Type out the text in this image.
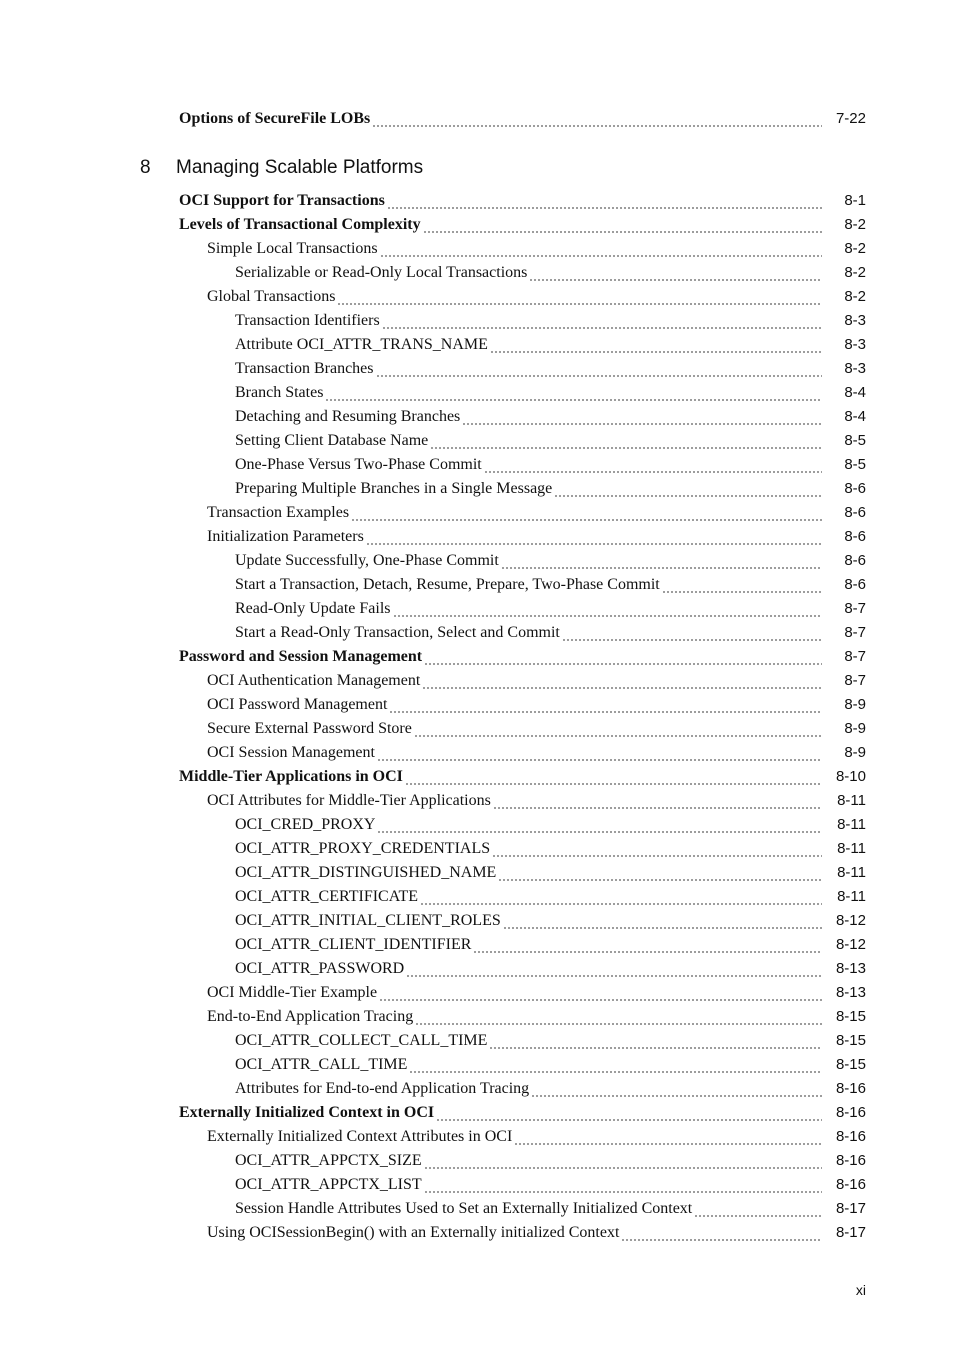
Options of SecureFile LOBs	7-22
8	Managing Scalable Platforms
OCI Support for Transactions	8-1
Levels of Transactional Complexity	8-2
Simple Local Transactions	8-2
Serializable or Read-Only Local Transactions	8-2
Global Transactions	8-2
Transaction Identifiers	8-3
Attribute OCI_ATTR_TRANS_NAME	8-3
Transaction Branches	8-3
Branch States	8-4
Detaching and Resuming Branches	8-4
Setting Client Database Name	8-5
One-Phase Versus Two-Phase Commit	8-5
Preparing Multiple Branches in a Single Message	8-6
Transaction Examples	8-6
Initialization Parameters	8-6
Update Successfully, One-Phase Commit	8-6
Start a Transaction, Detach, Resume, Prepare, Two-Phase Commit	8-6
Read-Only Update Fails	8-7
Start a Read-Only Transaction, Select and Commit	8-7
Password and Session Management	8-7
OCI Authentication Management	8-7
OCI Password Management	8-9
Secure External Password Store	8-9
OCI Session Management	8-9
Middle-Tier Applications in OCI	8-10
OCI Attributes for Middle-Tier Applications	8-11
OCI_CRED_PROXY	8-11
OCI_ATTR_PROXY_CREDENTIALS	8-11
OCI_ATTR_DISTINGUISHED_NAME	8-11
OCI_ATTR_CERTIFICATE	8-11
OCI_ATTR_INITIAL_CLIENT_ROLES	8-12
OCI_ATTR_CLIENT_IDENTIFIER	8-12
OCI_ATTR_PASSWORD	8-13
OCI Middle-Tier Example	8-13
End-to-End Application Tracing	8-15
OCI_ATTR_COLLECT_CALL_TIME	8-15
OCI_ATTR_CALL_TIME	8-15
Attributes for End-to-end Application Tracing	8-16
Externally Initialized Context in OCI	8-16
Externally Initialized Context Attributes in OCI	8-16
OCI_ATTR_APPCTX_SIZE	8-16
OCI_ATTR_APPCTX_LIST	8-16
Session Handle Attributes Used to Set an Externally Initialized Context	8-17
Using OCISessionBegin() with an Externally initialized Context	8-17
xi
